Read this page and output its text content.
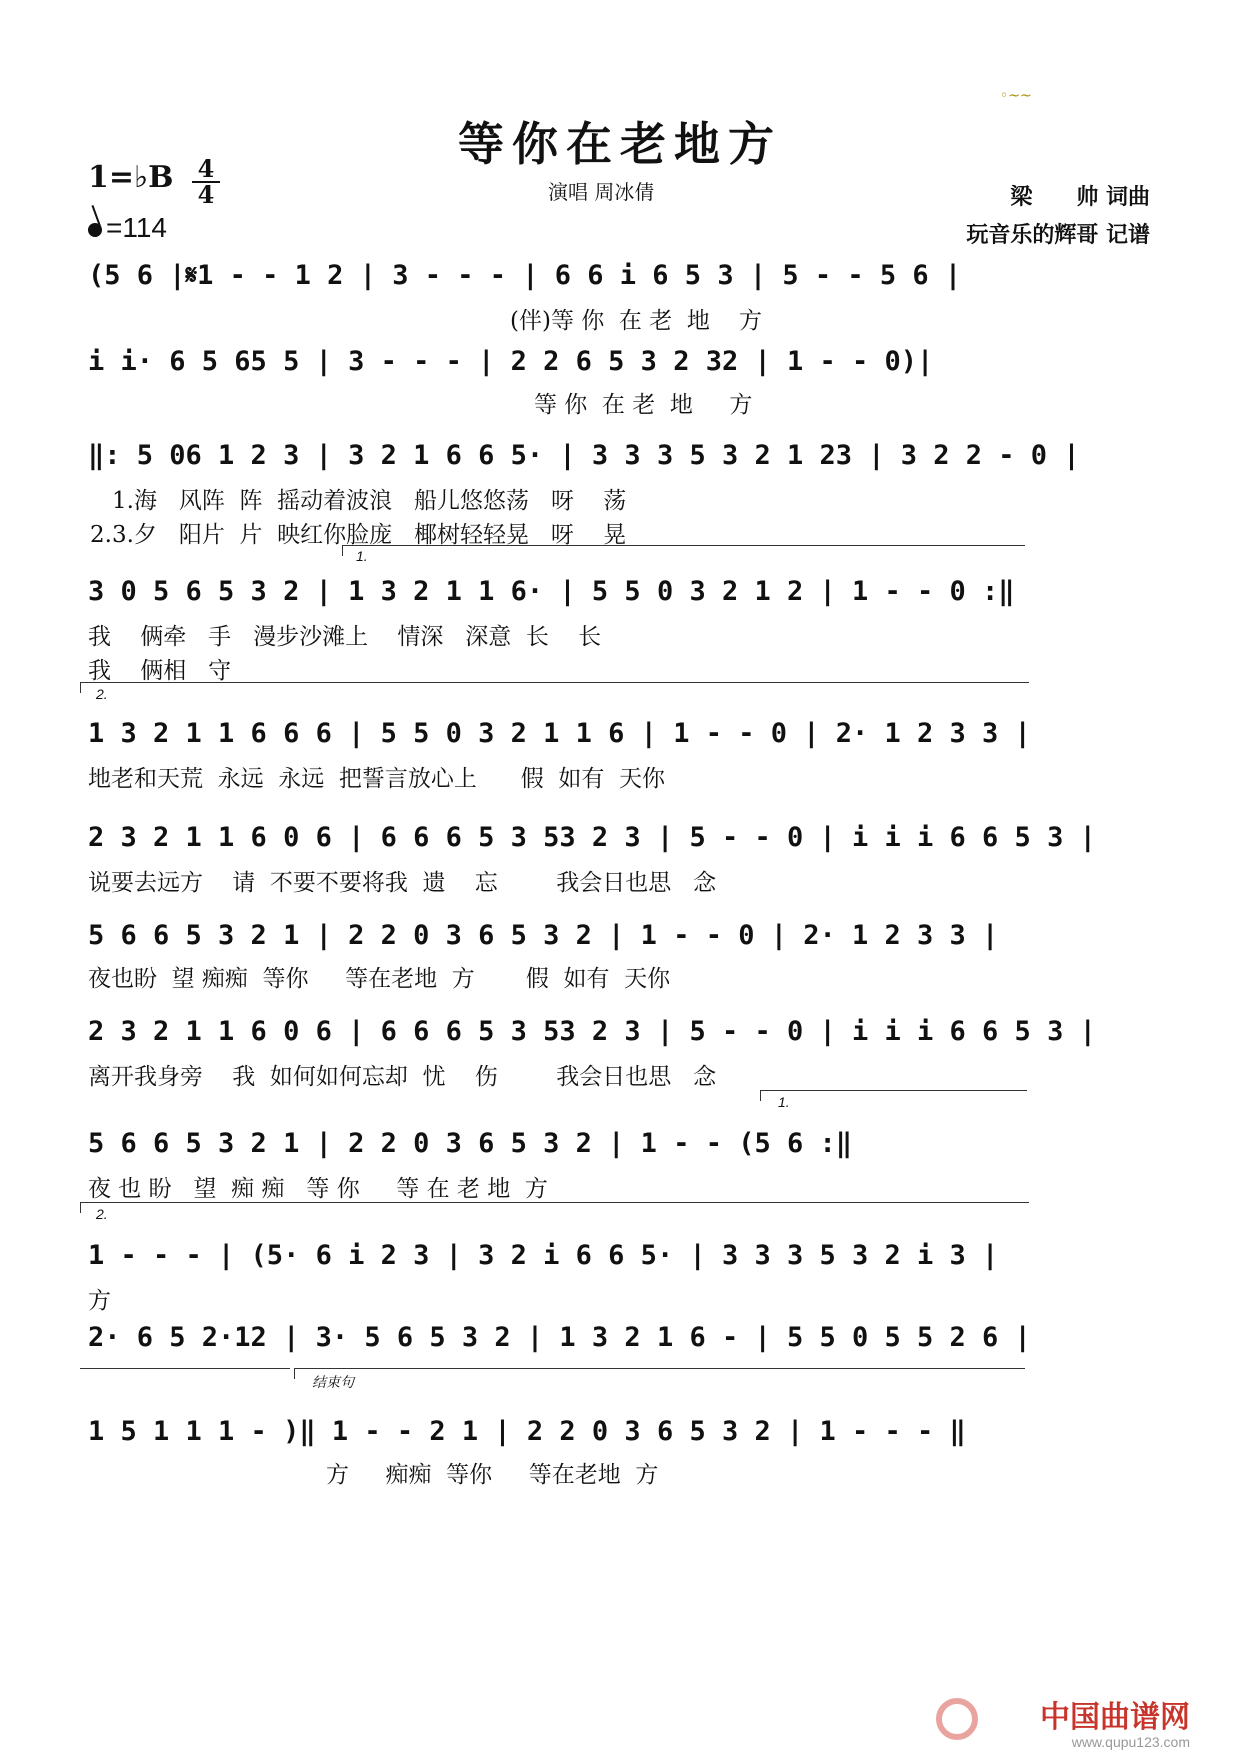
◦~~
等你在老地方
1=♭B 4
4
=114
演唱 周冰倩	梁　　帅 词曲
玩音乐的辉哥 记谱
(5 6 |𝄋1 - - 1 2 | 3 - - - | 6 6 i 6 5 3 | 5 - - 5 6 |
(伴)等 你  在 老  地    方
i i· 6 5 65 5 | 3 - - - | 2 2 6 5 3 2 32 | 1 - - 0)|
等 你  在 老  地     方
‖: 5 06 1 2 3 | 3 2 1 6 6 5· | 3 3 3 5 3 2 1 23 | 3 2 2 - 0 |
1.海   风阵  阵  摇动着波浪   船儿悠悠荡   呀    荡
2.3.夕   阳片  片  映红你脸庞   椰树轻轻晃   呀    晃
1.
3 0 5 6 5 3 2 | 1 3 2 1 1 6· | 5 5 0 3 2 1 2 | 1 - - 0 :‖
我    俩牵   手   漫步沙滩上    情深   深意  长    长
我    俩相   守
2.
1 3 2 1 1 6 6 6 | 5 5 0 3 2 1 1 6 | 1 - - 0 | 2· 1 2 3 3 |
地老和天荒  永远  永远  把誓言放心上      假  如有  天你
2 3 2 1 1 6 0 6 | 6 6 6 5 3 53 2 3 | 5 - - 0 | i i i 6 6 5 3 |
说要去远方    请  不要不要将我  遗    忘        我会日也思   念
5 6 6 5 3 2 1 | 2 2 0 3 6 5 3 2 | 1 - - 0 | 2· 1 2 3 3 |
夜也盼  望 痴痴  等你     等在老地  方       假  如有  天你
2 3 2 1 1 6 0 6 | 6 6 6 5 3 53 2 3 | 5 - - 0 | i i i 6 6 5 3 |
离开我身旁    我  如何如何忘却  忧    伤        我会日也思   念
1.
5 6 6 5 3 2 1 | 2 2 0 3 6 5 3 2 | 1 - - (5 6 :‖
夜 也 盼   望  痴 痴   等 你     等 在 老 地  方
2.
1 - - - | (5· 6 i 2 3 | 3 2 i 6 6 5· | 3 3 3 5 3 2 i 3 |
方
2· 6 5 2·12 | 3· 5 6 5 3 2 | 1 3 2 1 6 - | 5 5 0 5 5 2 6 |
结束句
1 5 1 1 1 - )‖ 1 - - 2 1 | 2 2 0 3 6 5 3 2 | 1 - - - ‖
方     痴痴  等你     等在老地  方
中国曲谱网
www.qupu123.com
